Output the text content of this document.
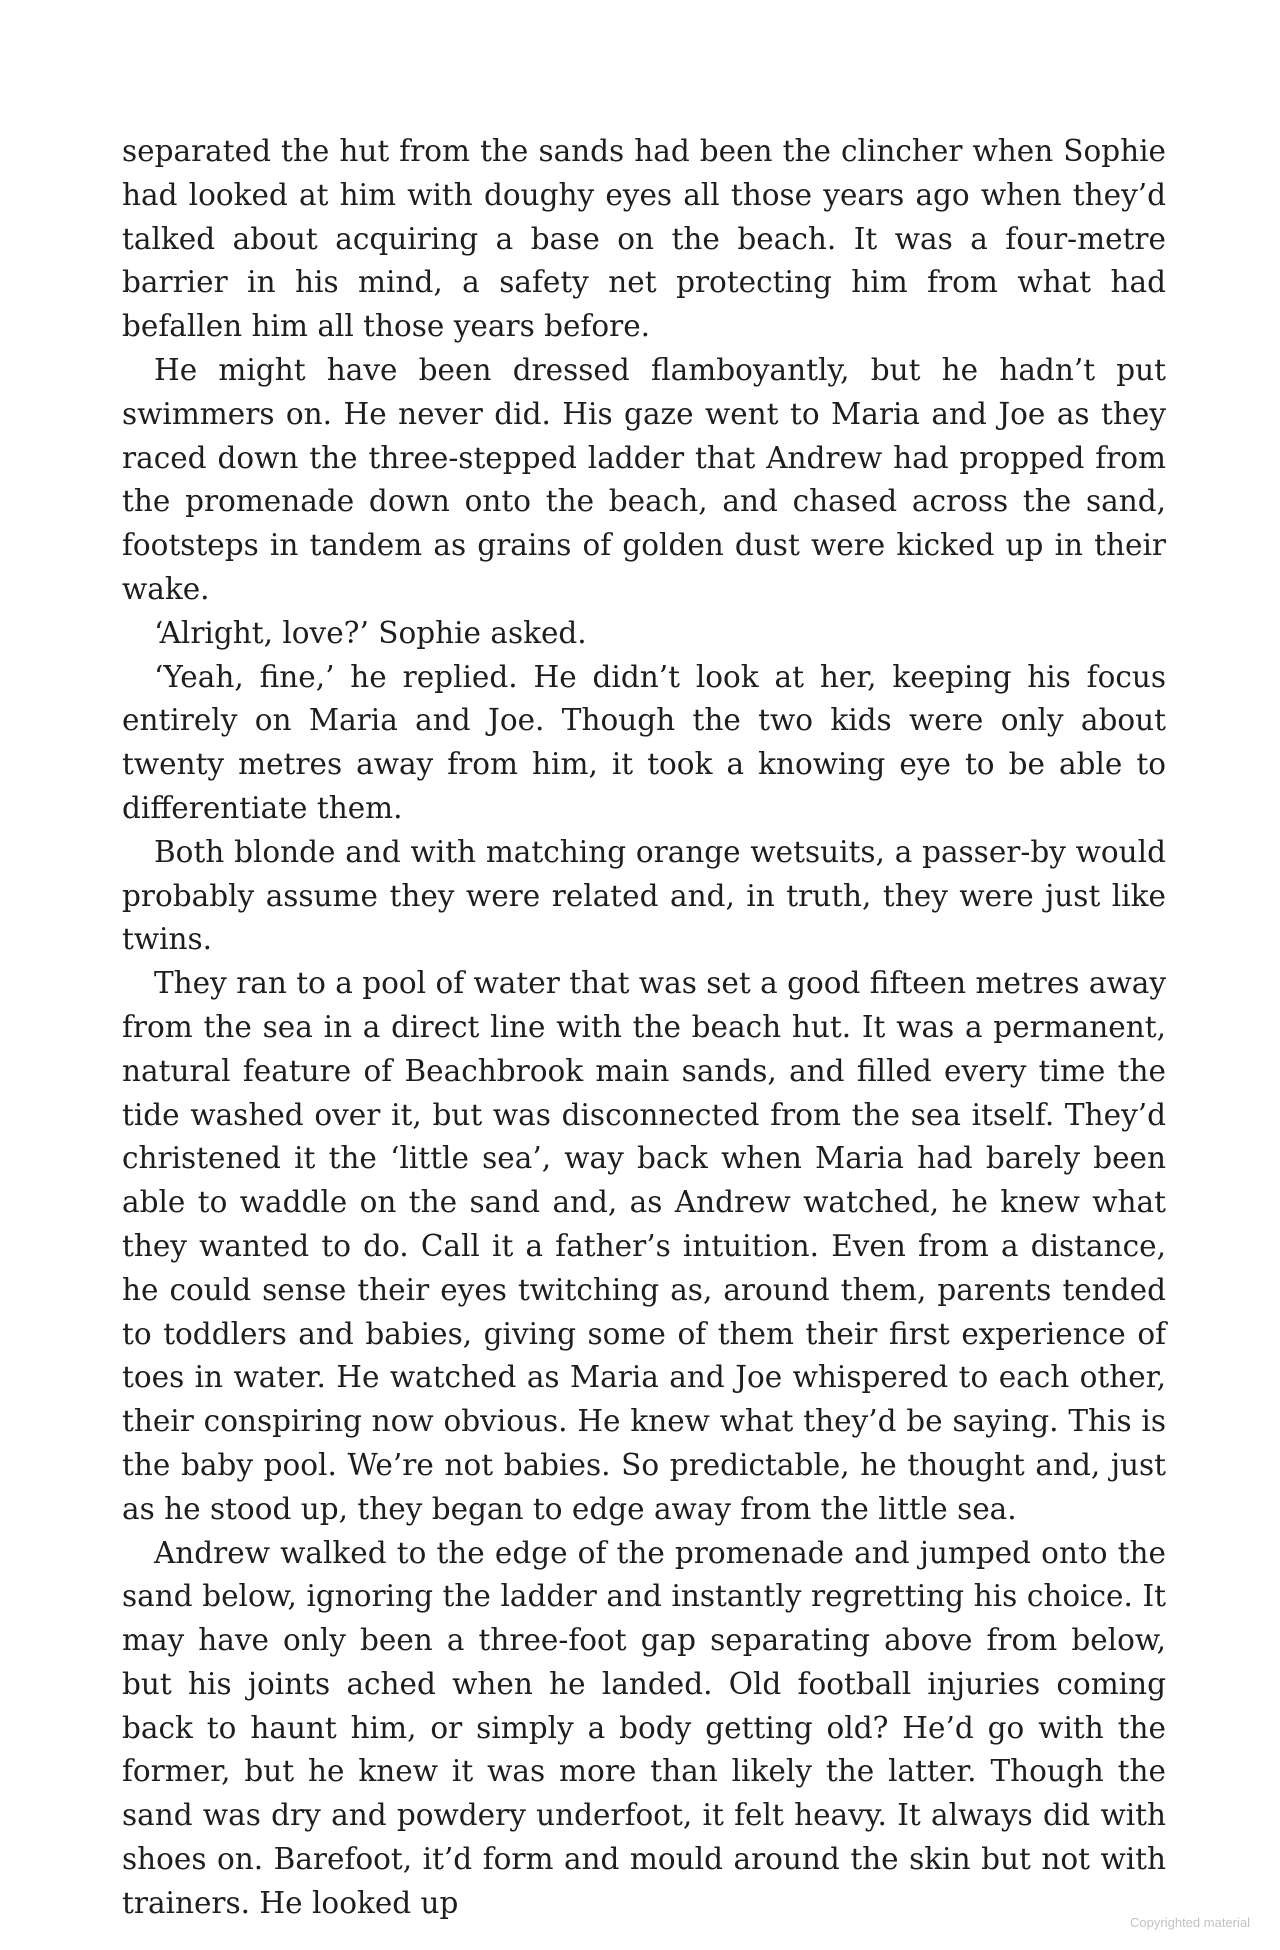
separated the hut from the sands had been the clincher when Sophie had looked at him with doughy eyes all those years ago when they’d talked about acquiring a base on the beach. It was a four-metre barrier in his mind, a safety net protecting him from what had befallen him all those years before.

He might have been dressed flamboyantly, but he hadn’t put swimmers on. He never did. His gaze went to Maria and Joe as they raced down the three-stepped ladder that Andrew had propped from the promenade down onto the beach, and chased across the sand, footsteps in tandem as grains of golden dust were kicked up in their wake.

‘Alright, love?’ Sophie asked.

‘Yeah, fine,’ he replied. He didn’t look at her, keeping his focus entirely on Maria and Joe. Though the two kids were only about twenty metres away from him, it took a knowing eye to be able to differentiate them.

Both blonde and with matching orange wetsuits, a passer-by would probably assume they were related and, in truth, they were just like twins.

They ran to a pool of water that was set a good fifteen metres away from the sea in a direct line with the beach hut. It was a permanent, natural feature of Beachbrook main sands, and filled every time the tide washed over it, but was disconnected from the sea itself. They’d christened it the ‘little sea’, way back when Maria had barely been able to waddle on the sand and, as Andrew watched, he knew what they wanted to do. Call it a father’s intuition. Even from a distance, he could sense their eyes twitching as, around them, parents tended to toddlers and babies, giving some of them their first experience of toes in water. He watched as Maria and Joe whispered to each other, their conspiring now obvious. He knew what they’d be saying. This is the baby pool. We’re not babies. So predictable, he thought and, just as he stood up, they began to edge away from the little sea.

Andrew walked to the edge of the promenade and jumped onto the sand below, ignoring the ladder and instantly regretting his choice. It may have only been a three-foot gap separating above from below, but his joints ached when he landed. Old football injuries coming back to haunt him, or simply a body getting old? He’d go with the former, but he knew it was more than likely the latter. Though the sand was dry and powdery underfoot, it felt heavy. It always did with shoes on. Barefoot, it’d form and mould around the skin but not with trainers. He looked up

Copyrighted material
